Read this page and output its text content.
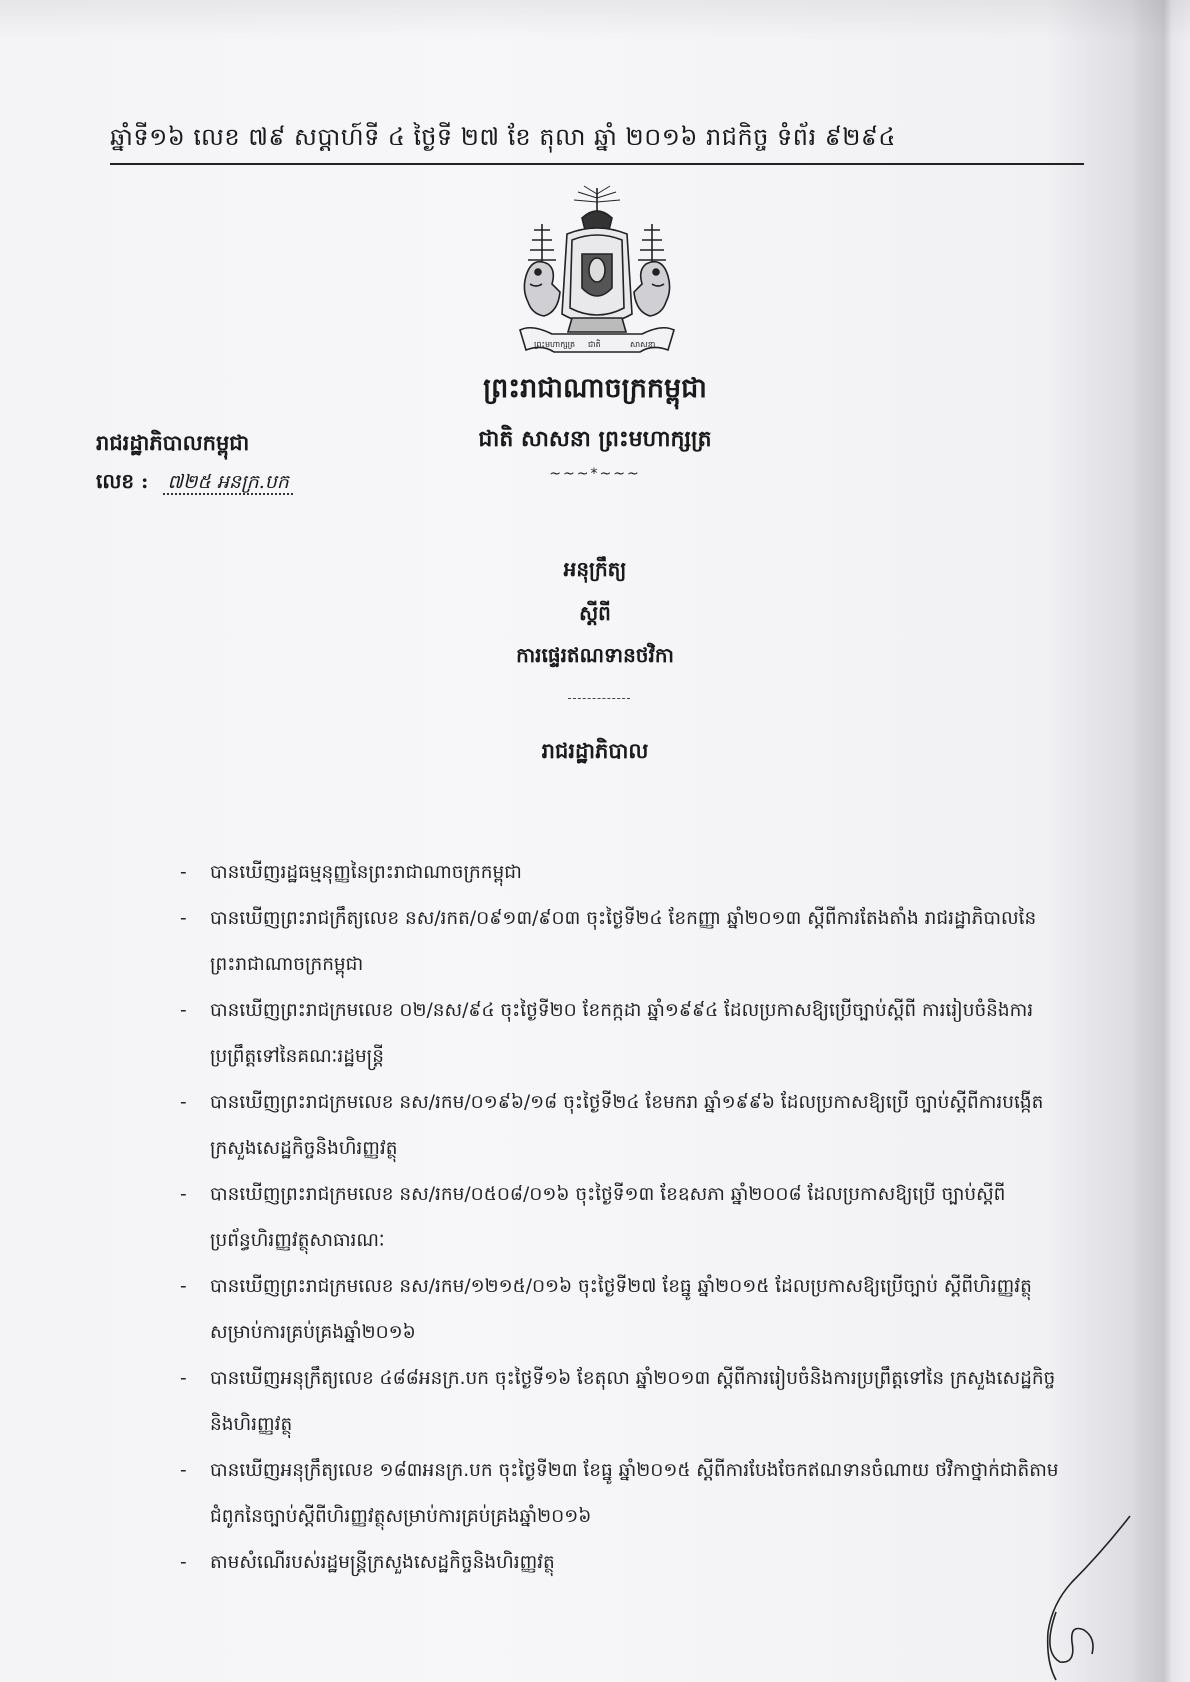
ឆ្នាំទី១៦ លេខ ៧៩ សប្តាហ៍ទី ៤ ថ្ងៃទី ២៧ ខែ តុលា ឆ្នាំ ២០១៦ រាជកិច្ច ទំព័រ ៩២៩៤
ព្រះមហាក្សត្រ ជាតិ	សាសនា
ព្រះរាជាណាចក្រកម្ពុជា
ជាតិ សាសនា ព្រះមហាក្សត្រ
~~~*~~~
រាជរដ្ឋាភិបាលកម្ពុជា
លេខ : ៧២៥ អនក្រ.បក
អនុក្រឹត្យ
ស្តីពី
ការផ្ទេរឥណទានថវិកា
រាជរដ្ឋាភិបាល
- បានឃើញរដ្ឋធម្មនុញ្ញនៃព្រះរាជាណាចក្រកម្ពុជា
- បានឃើញព្រះរាជក្រឹត្យលេខ នស/រកត/០៩១៣/៩០៣ ចុះថ្ងៃទី២៤ ខែកញ្ញា ឆ្នាំ២០១៣ ស្តីពីការតែងតាំង រាជរដ្ឋាភិបាលនៃព្រះរាជាណាចក្រកម្ពុជា
- បានឃើញព្រះរាជក្រមលេខ ០២/នស/៩៤ ចុះថ្ងៃទី២០ ខែកក្កដា ឆ្នាំ១៩៩៤ ដែលប្រកាសឱ្យប្រើច្បាប់ស្តីពី ការរៀបចំនិងការប្រព្រឹត្តទៅនៃគណៈរដ្ឋមន្ត្រី
- បានឃើញព្រះរាជក្រមលេខ នស/រកម/០១៩៦/១៨ ចុះថ្ងៃទី២៤ ខែមករា ឆ្នាំ១៩៩៦ ដែលប្រកាសឱ្យប្រើ ច្បាប់ស្តីពីការបង្កើតក្រសួងសេដ្ឋកិច្ចនិងហិរញ្ញវត្ថុ
- បានឃើញព្រះរាជក្រមលេខ នស/រកម/០៥០៨/០១៦ ចុះថ្ងៃទី១៣ ខែឧសភា ឆ្នាំ២០០៨ ដែលប្រកាសឱ្យប្រើ ច្បាប់ស្តីពីប្រព័ន្ធហិរញ្ញវត្ថុសាធារណៈ
- បានឃើញព្រះរាជក្រមលេខ នស/រកម/១២១៥/០១៦ ចុះថ្ងៃទី២៧ ខែធ្នូ ឆ្នាំ២០១៥ ដែលប្រកាសឱ្យប្រើច្បាប់ ស្តីពីហិរញ្ញវត្ថុសម្រាប់ការគ្រប់គ្រងឆ្នាំ២០១៦
- បានឃើញអនុក្រឹត្យលេខ ៤៨៨អនក្រ.បក ចុះថ្ងៃទី១៦ ខែតុលា ឆ្នាំ២០១៣ ស្តីពីការរៀបចំនិងការប្រព្រឹត្តទៅនៃ ក្រសួងសេដ្ឋកិច្ចនិងហិរញ្ញវត្ថុ
- បានឃើញអនុក្រឹត្យលេខ ១៨៣អនក្រ.បក ចុះថ្ងៃទី២៣ ខែធ្នូ ឆ្នាំ២០១៥ ស្តីពីការបែងចែកឥណទានចំណាយ ថវិកាថ្នាក់ជាតិតាមជំពូកនៃច្បាប់ស្តីពីហិរញ្ញវត្ថុសម្រាប់ការគ្រប់គ្រងឆ្នាំ២០១៦
- តាមសំណើរបស់រដ្ឋមន្ត្រីក្រសួងសេដ្ឋកិច្ចនិងហិរញ្ញវត្ថុ
